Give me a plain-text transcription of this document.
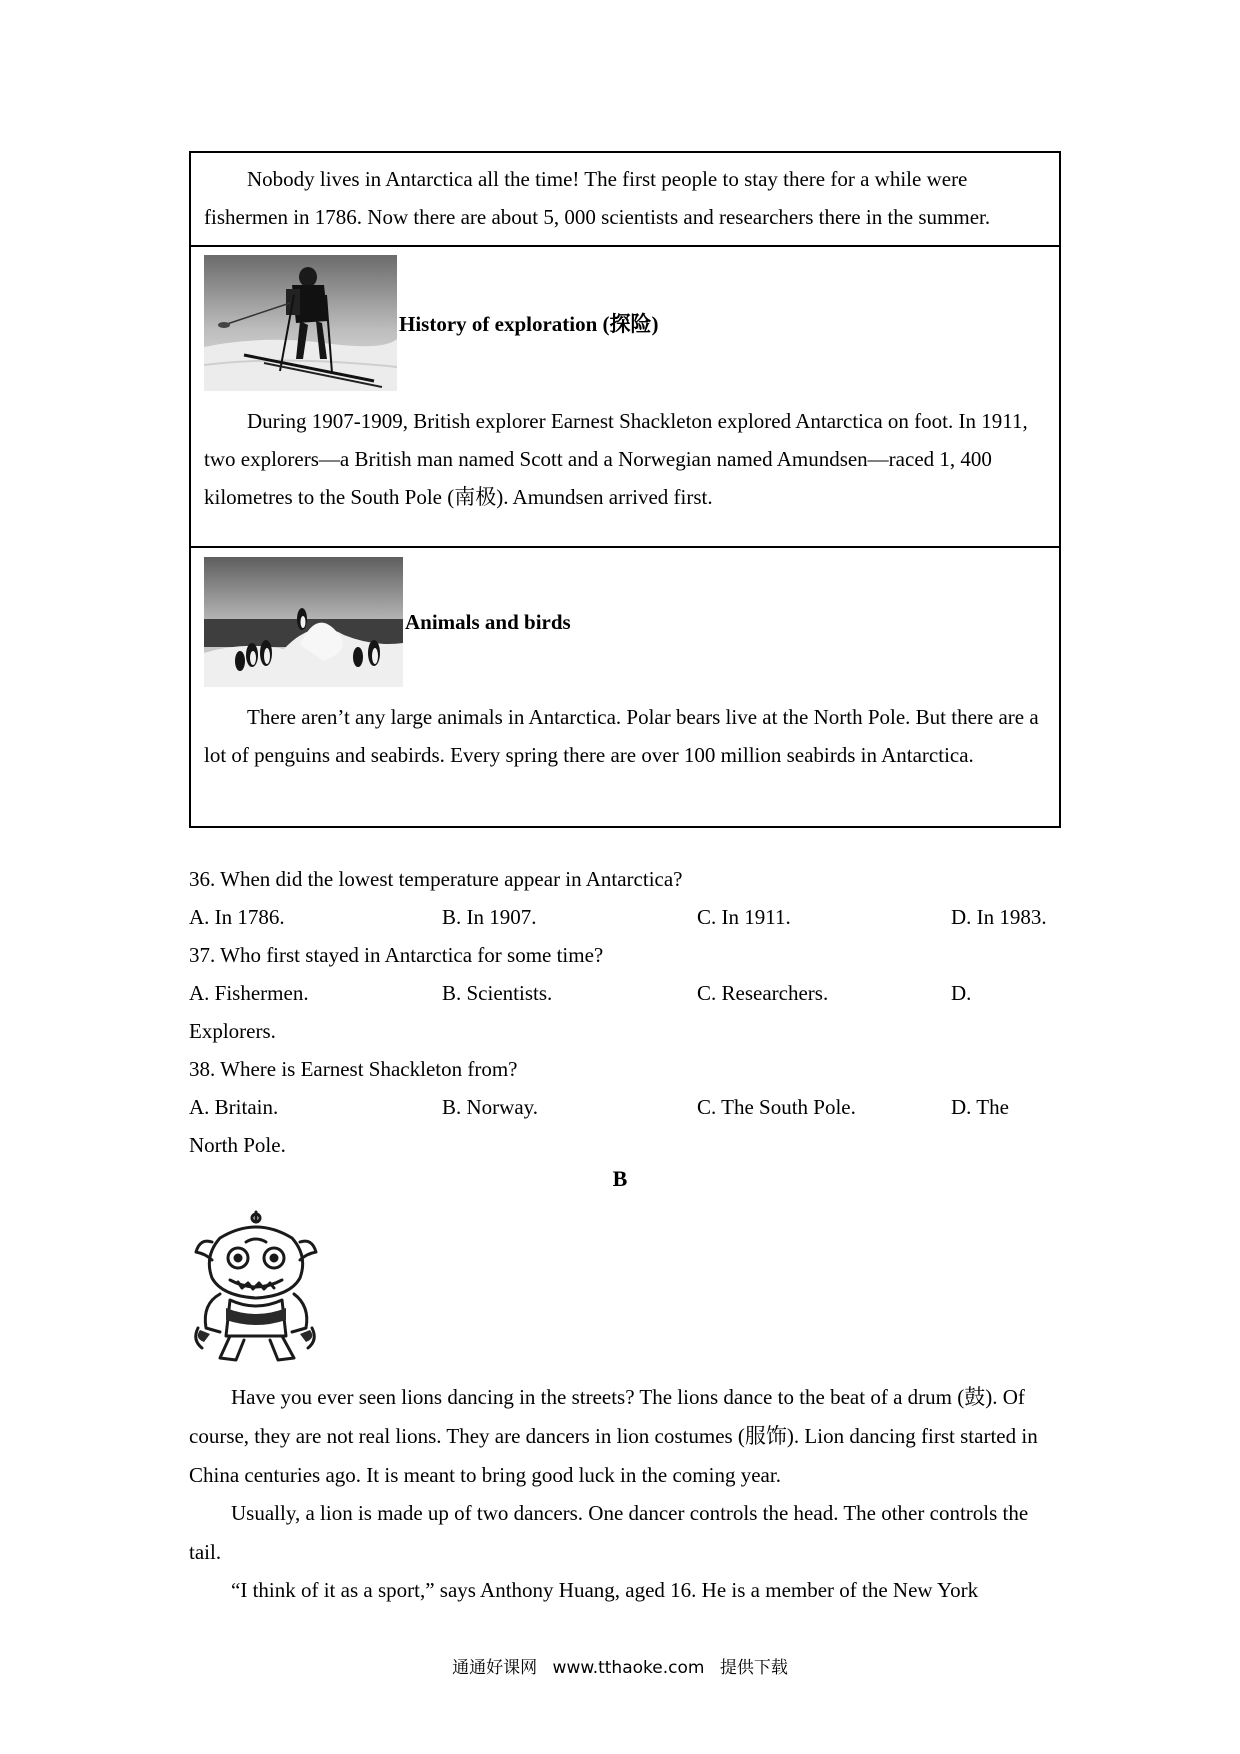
Nobody lives in Antarctica all the time! The first people to stay there for a while were fishermen in 1786. Now there are about 5, 000 scientists and researchers there in the summer.

History of exploration (探险)

During 1907-1909, British explorer Earnest Shackleton explored Antarctica on foot. In 1911, two explorers—a British man named Scott and a Norwegian named Amundsen—raced 1, 400 kilometres to the South Pole (南极). Amundsen arrived first.

Animals and birds

There aren’t any large animals in Antarctica. Polar bears live at the North Pole. But there are a lot of penguins and seabirds. Every spring there are over 100 million seabirds in Antarctica.

36. When did the lowest temperature appear in Antarctica?
A. In 1786.	B. In 1907.	C. In 1911.	D. In 1983.
37. Who first stayed in Antarctica for some time?
A. Fishermen.	B. Scientists.	C. Researchers.	D.
Explorers.
38. Where is Earnest Shackleton from?
A. Britain.	B. Norway.	C. The South Pole.	D. The
North Pole.
B

Have you ever seen lions dancing in the streets? The lions dance to the beat of a drum (鼓). Of course, they are not real lions. They are dancers in lion costumes (服饰). Lion dancing first started in China centuries ago. It is meant to bring good luck in the coming year.

Usually, a lion is made up of two dancers. One dancer controls the head. The other controls the tail.

“I think of it as a sport,” says Anthony Huang, aged 16. He is a member of the New York

通通好课网 www.tthaoke.com 提供下载
